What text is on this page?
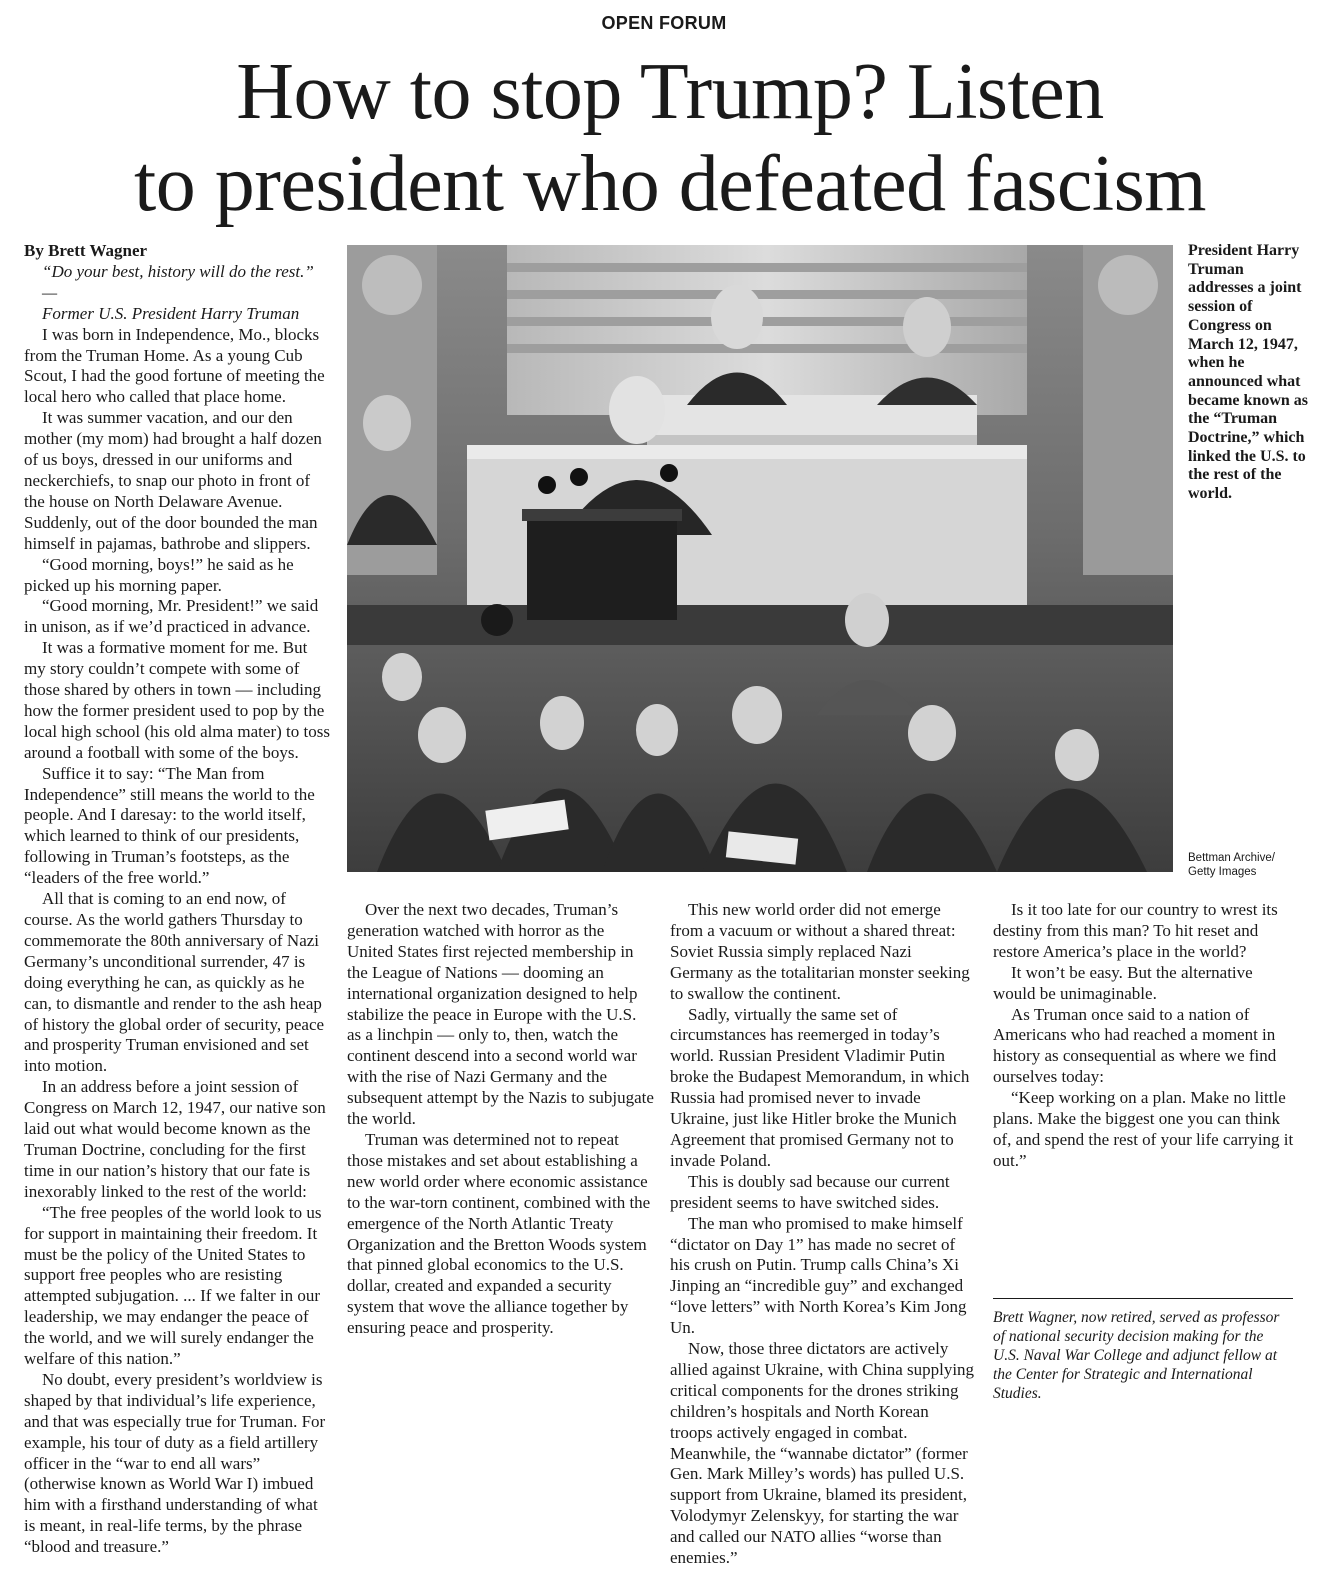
OPEN FORUM
How to stop Trump? Listen
to president who defeated fascism

By Brett Wagner

“Do your best, history will do the rest.” —
Former U.S. President Harry Truman

I was born in Independence, Mo., blocks from the Truman Home. As a young Cub Scout, I had the good fortune of meeting the local hero who called that place home.

It was summer vacation, and our den mother (my mom) had brought a half dozen of us boys, dressed in our uniforms and neckerchiefs, to snap our photo in front of the house on North Delaware Avenue. Suddenly, out of the door bounded the man himself in pajamas, bathrobe and slippers.

“Good morning, boys!” he said as he picked up his morning paper.

“Good morning, Mr. President!” we said in unison, as if we’d practiced in advance.

It was a formative moment for me. But my story couldn’t compete with some of those shared by others in town — including how the former president used to pop by the local high school (his old alma mater) to toss around a football with some of the boys.

Suffice it to say: “The Man from Independence” still means the world to the people. And I daresay: to the world itself, which learned to think of our presidents, following in Truman’s footsteps, as the “leaders of the free world.”

All that is coming to an end now, of course. As the world gathers Thursday to commemorate the 80th anniversary of Nazi Germany’s unconditional surrender, 47 is doing everything he can, as quickly as he can, to dismantle and render to the ash heap of history the global order of security, peace and prosperity Truman envisioned and set into motion.

In an address before a joint session of Congress on March 12, 1947, our native son laid out what would become known as the Truman Doctrine, concluding for the first time in our nation’s history that our fate is inexorably linked to the rest of the world:

“The free peoples of the world look to us for support in maintaining their freedom. It must be the policy of the United States to support free peoples who are resisting attempted subjugation. ... If we falter in our leadership, we may endanger the peace of the world, and we will surely endanger the welfare of this nation.”

No doubt, every president’s worldview is shaped by that individual’s life experience, and that was especially true for Truman. For example, his tour of duty as a field artillery officer in the “war to end all wars” (otherwise known as World War I) imbued him with a firsthand understanding of what is meant, in real-life terms, by the phrase “blood and treasure.”

President Harry Truman addresses a joint session of Congress on March 12, 1947, when he announced what became known as the “Truman Doctrine,” which linked the U.S. to the rest of the world.
Bettman Archive/
Getty Images

Over the next two decades, Truman’s generation watched with horror as the United States first rejected membership in the League of Nations — dooming an international organization designed to help stabilize the peace in Europe with the U.S. as a linchpin — only to, then, watch the continent descend into a second world war with the rise of Nazi Germany and the subsequent attempt by the Nazis to subjugate the world.

Truman was determined not to repeat those mistakes and set about establishing a new world order where economic assistance to the war-torn continent, combined with the emergence of the North Atlantic Treaty Organization and the Bretton Woods system that pinned global economics to the U.S. dollar, created and expanded a security system that wove the alliance together by ensuring peace and prosperity.

This new world order did not emerge from a vacuum or without a shared threat: Soviet Russia simply replaced Nazi Germany as the totalitarian monster seeking to swallow the continent.

Sadly, virtually the same set of circumstances has reemerged in today’s world. Russian President Vladimir Putin broke the Budapest Memorandum, in which Russia had promised never to invade Ukraine, just like Hitler broke the Munich Agreement that promised Germany not to invade Poland.

This is doubly sad because our current president seems to have switched sides.

The man who promised to make himself “dictator on Day 1” has made no secret of his crush on Putin. Trump calls China’s Xi Jinping an “incredible guy” and exchanged “love letters” with North Korea’s Kim Jong Un.

Now, those three dictators are actively allied against Ukraine, with China supplying critical components for the drones striking children’s hospitals and North Korean troops actively engaged in combat. Meanwhile, the “wannabe dictator” (former Gen. Mark Milley’s words) has pulled U.S. support from Ukraine, blamed its president, Volodymyr Zelenskyy, for starting the war and called our NATO allies “worse than enemies.”

Is it too late for our country to wrest its destiny from this man? To hit reset and restore America’s place in the world?

It won’t be easy. But the alternative would be unimaginable.

As Truman once said to a nation of Americans who had reached a moment in history as consequential as where we find ourselves today:

“Keep working on a plan. Make no little plans. Make the biggest one you can think of, and spend the rest of your life carrying it out.”

Brett Wagner, now retired, served as professor of national security decision making for the U.S. Naval War College and adjunct fellow at the Center for Strategic and International Studies.
